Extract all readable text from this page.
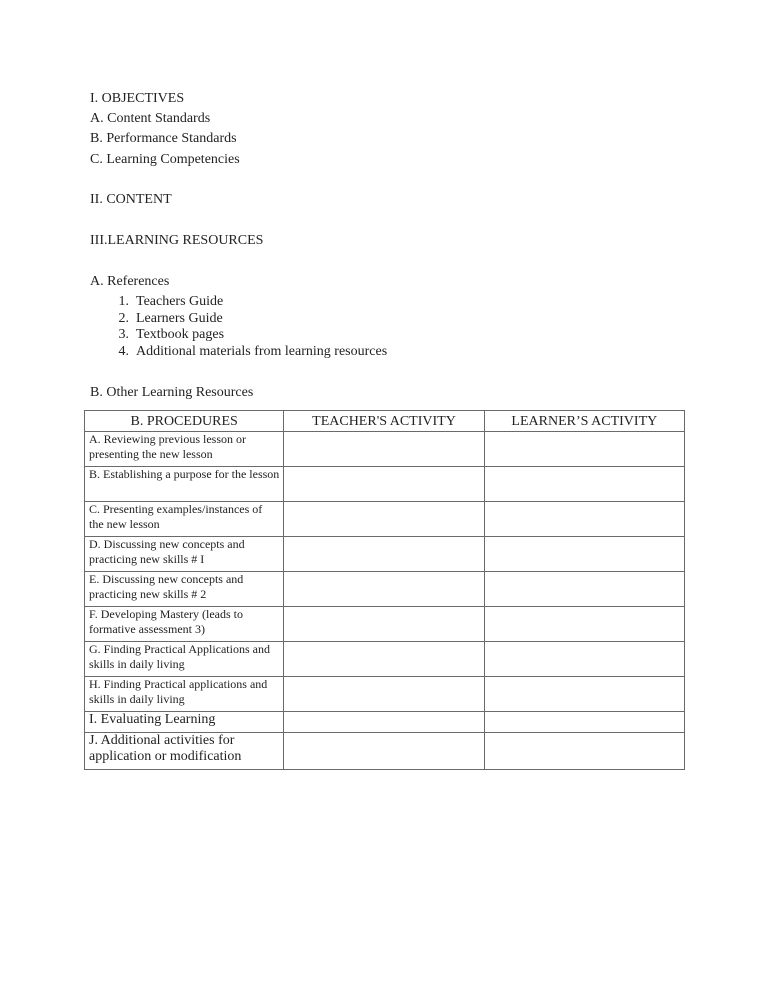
I. OBJECTIVES
A. Content Standards
B. Performance Standards
C. Learning Competencies
II. CONTENT
III.LEARNING RESOURCES
A. References
1. Teachers Guide
2. Learners Guide
3. Textbook pages
4. Additional materials from learning resources
B. Other Learning Resources
B. PROCEDURES	TEACHER'S ACTIVITY	LEARNER’S ACTIVITY
A. Reviewing previous lesson or presenting the new lesson		
B. Establishing a purpose for the lesson		
C. Presenting examples/instances of the new lesson		
D. Discussing new concepts and practicing new skills # I		
E. Discussing new concepts and practicing new skills # 2		
F. Developing Mastery (leads to formative assessment 3)		
G. Finding Practical Applications and skills in daily living		
H. Finding Practical applications and skills in daily living		
I. Evaluating Learning		
J. Additional activities for application or modification		
